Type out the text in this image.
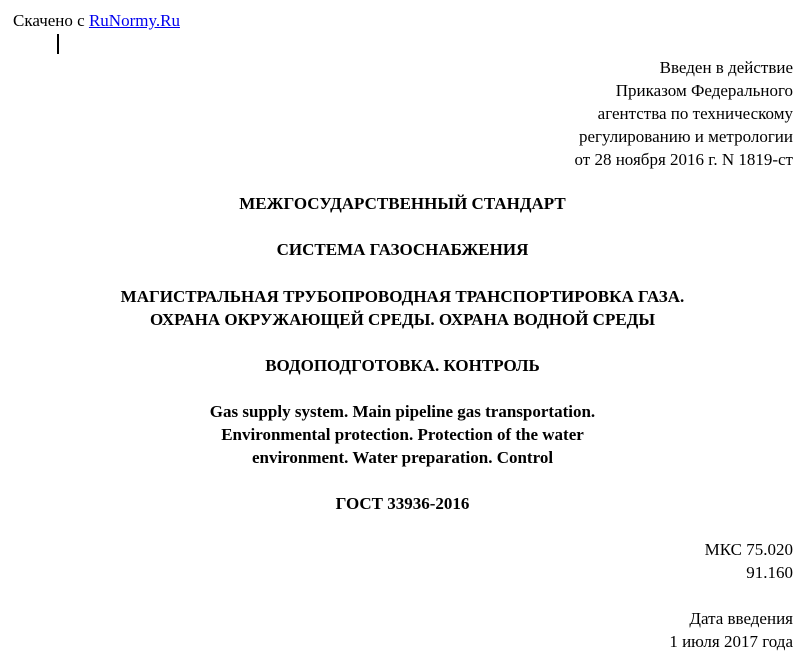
Скачено с RuNormy.Ru
Введен в действие
Приказом Федерального
агентства по техническому
регулированию и метрологии
от 28 ноября 2016 г. N 1819-ст
МЕЖГОСУДАРСТВЕННЫЙ СТАНДАРТ
СИСТЕМА ГАЗОСНАБЖЕНИЯ
МАГИСТРАЛЬНАЯ ТРУБОПРОВОДНАЯ ТРАНСПОРТИРОВКА ГАЗА.
ОХРАНА ОКРУЖАЮЩЕЙ СРЕДЫ. ОХРАНА ВОДНОЙ СРЕДЫ
ВОДОПОДГОТОВКА. КОНТРОЛЬ
Gas supply system. Main pipeline gas transportation.
Environmental protection. Protection of the water
environment. Water preparation. Control
ГОСТ 33936-2016
МКС 75.020
91.160
Дата введения
1 июля 2017 года
